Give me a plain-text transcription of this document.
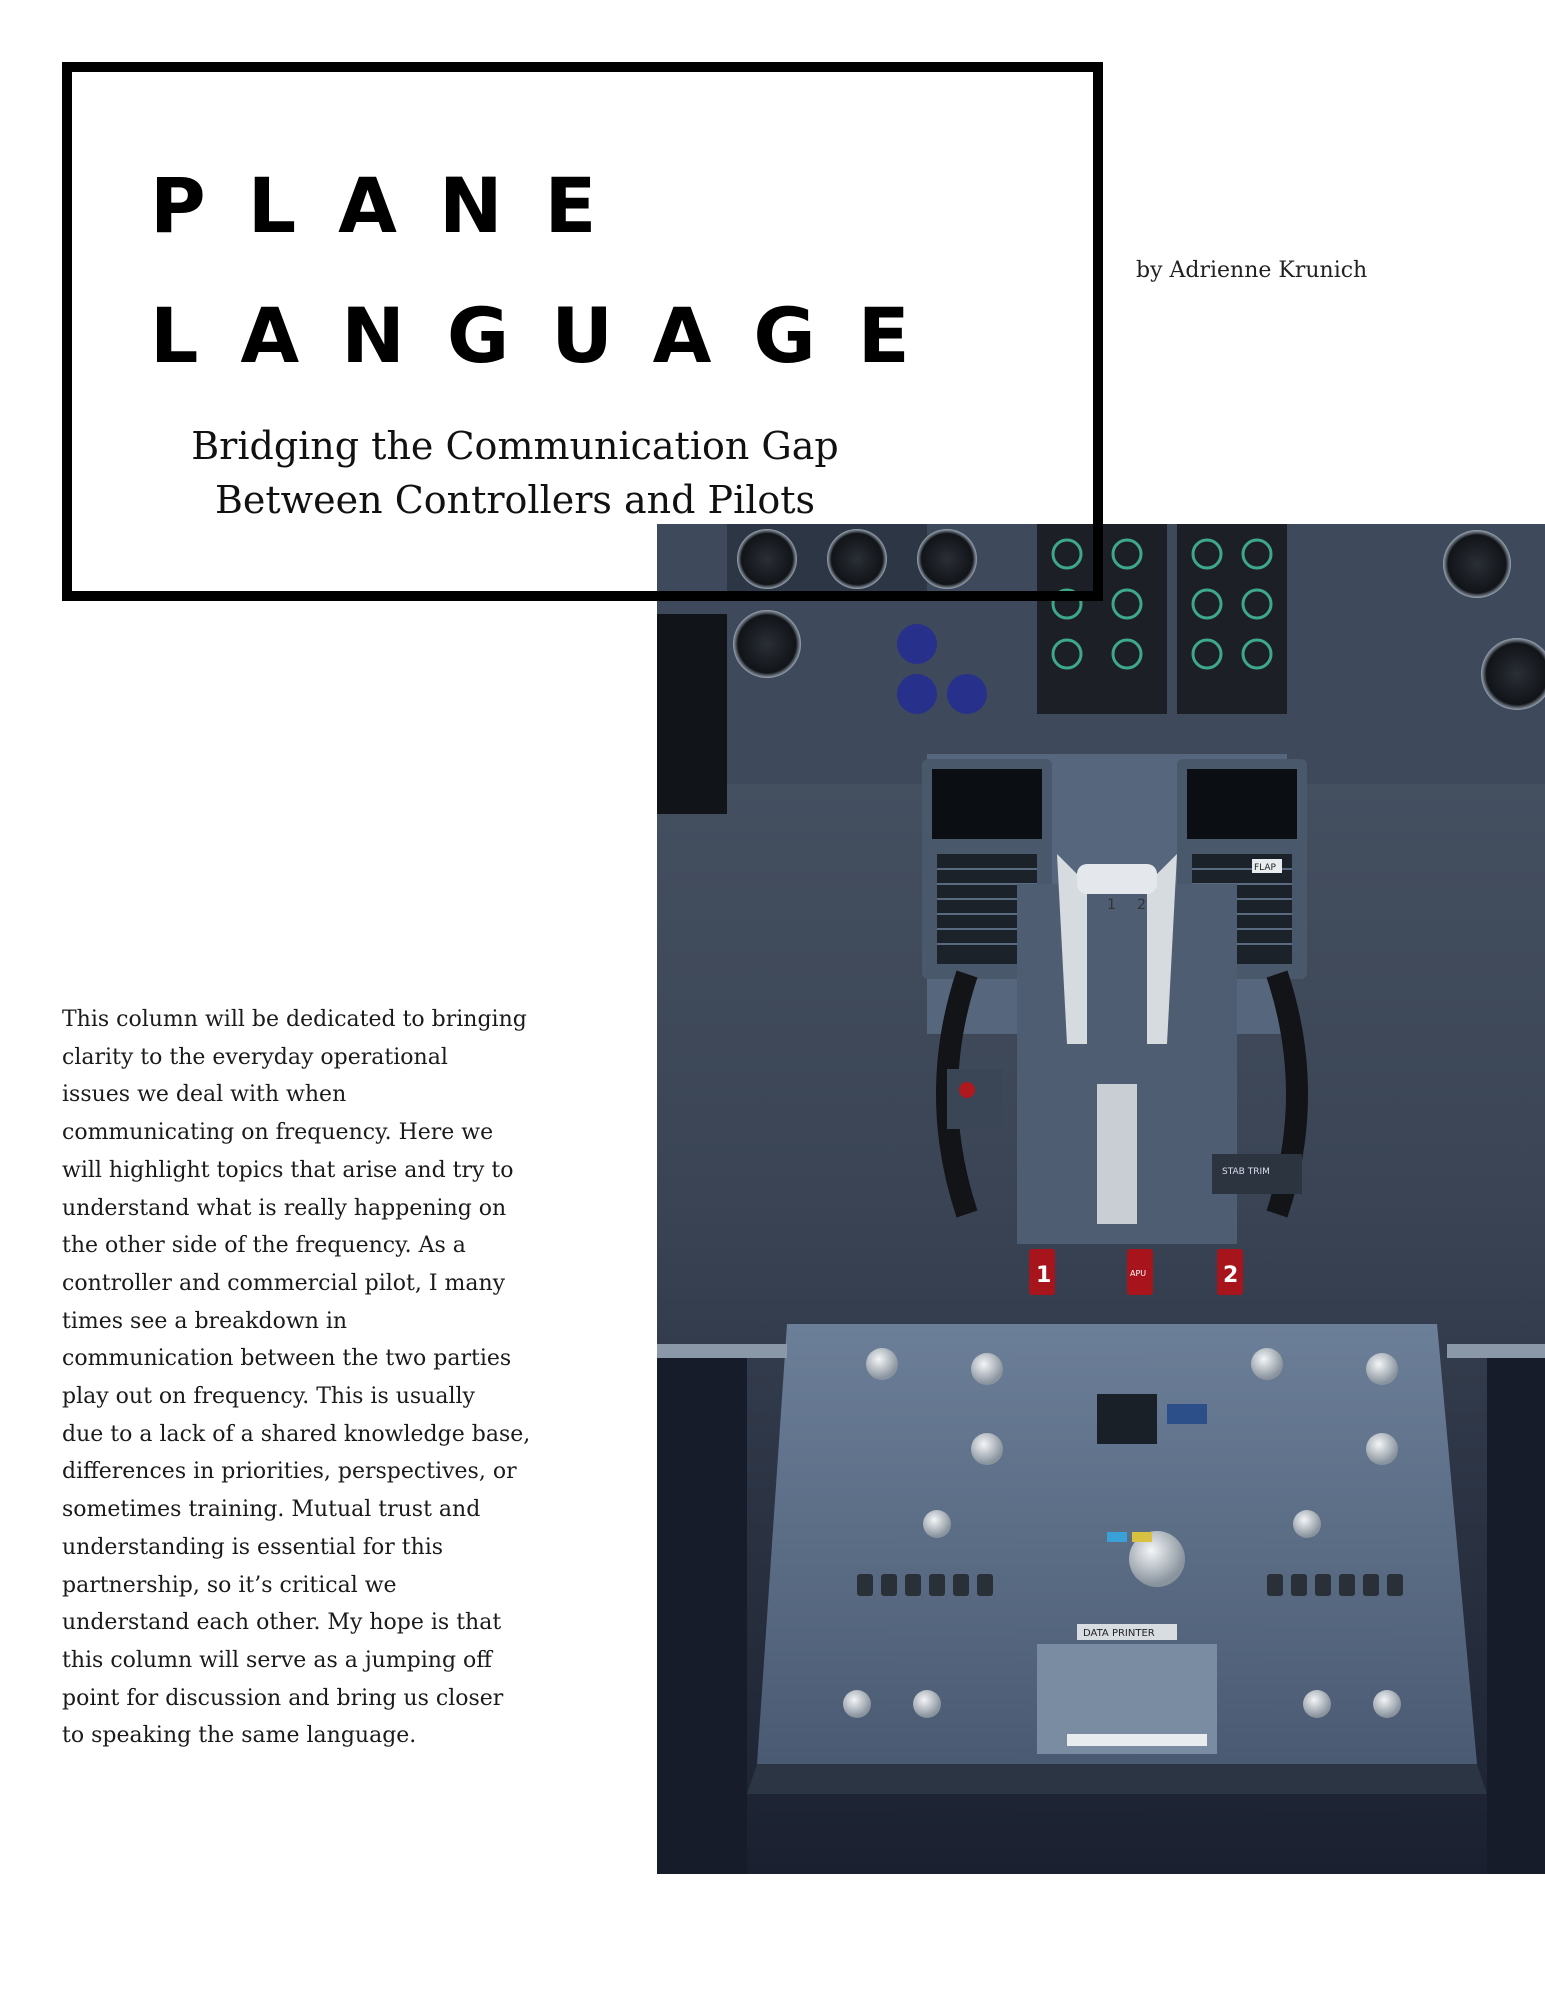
1 2
FLAP
STAB TRIM
1	APU	2
DATA PRINTER
PLANE
LANGUAGE

Bridging the Communication Gap

Between Controllers and Pilots

by Adrienne Krunich

This column will be dedicated to bringing
clarity to the everyday operational
issues we deal with when
communicating on frequency. Here we
will highlight topics that arise and try to
understand what is really happening on
the other side of the frequency. As a
controller and commercial pilot, I many
times see a breakdown in
communication between the two parties
play out on frequency. This is usually
due to a lack of a shared knowledge base,
differences in priorities, perspectives, or
sometimes training. Mutual trust and
understanding is essential for this
partnership, so it’s critical we
understand each other. My hope is that
this column will serve as a jumping off
point for discussion and bring us closer
to speaking the same language.
